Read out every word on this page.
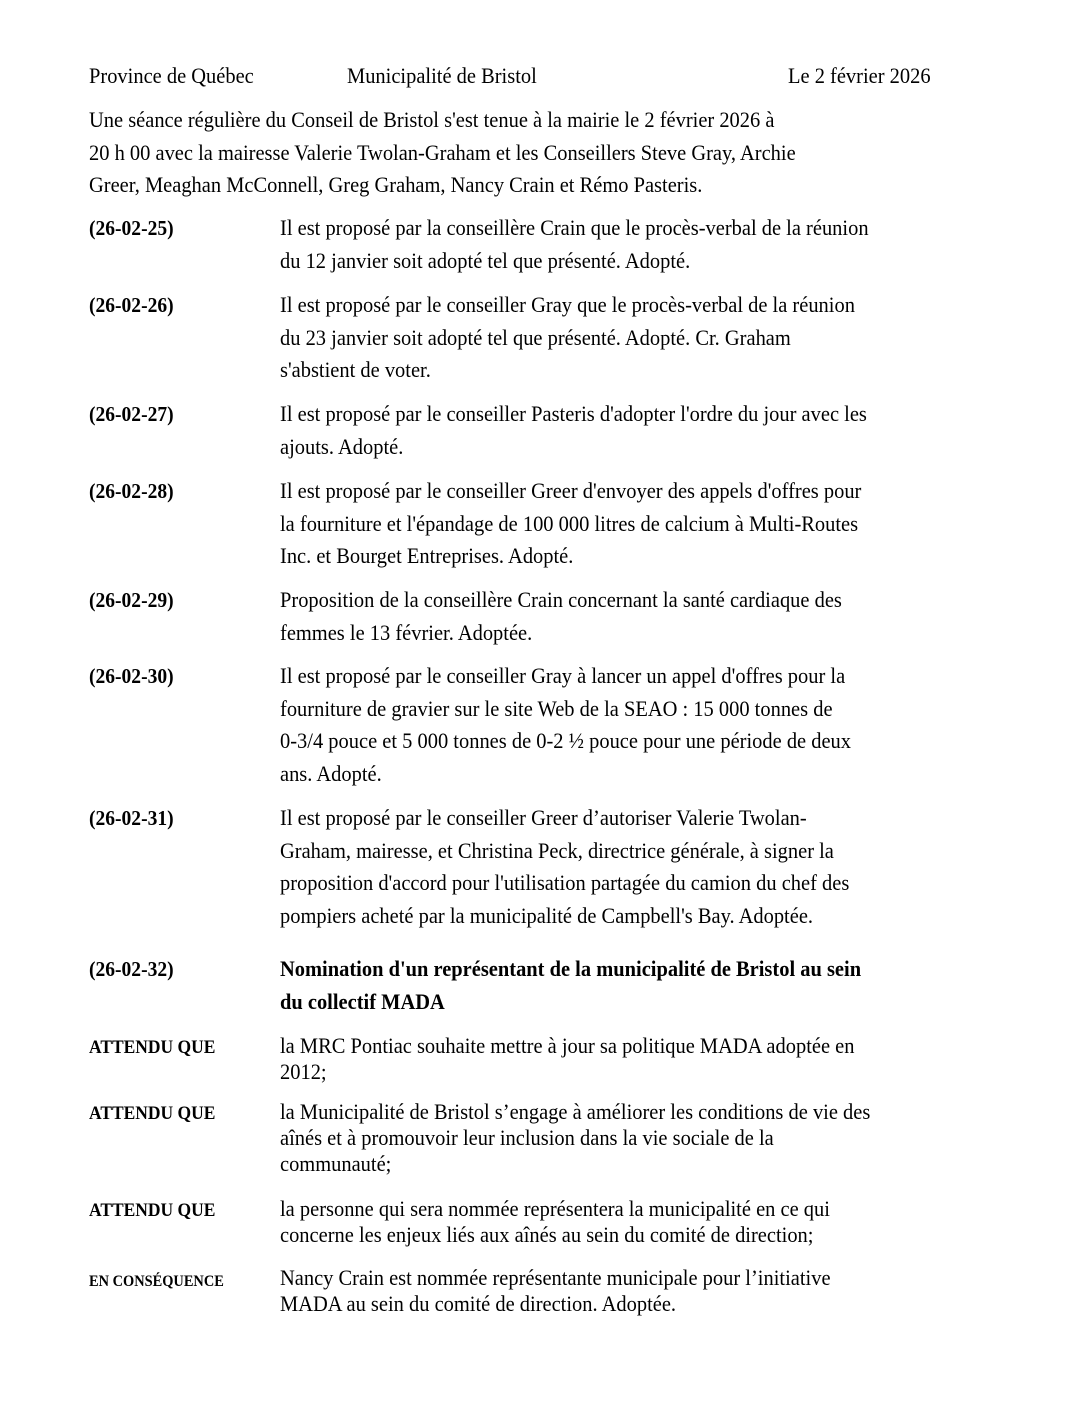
Province de Québec	Municipalité de Bristol	Le 2 février 2026
Une séance régulière du Conseil de Bristol s'est tenue à la mairie le 2 février 2026 à
20 h 00 avec la mairesse Valerie Twolan-Graham et les Conseillers Steve Gray, Archie
Greer, Meaghan McConnell, Greg Graham, Nancy Crain et Rémo Pasteris.
(26-02-25)	Il est proposé par la conseillère Crain que le procès-verbal de la réunion
du 12 janvier soit adopté tel que présenté. Adopté.
(26-02-26)	Il est proposé par le conseiller Gray que le procès-verbal de la réunion
du 23 janvier soit adopté tel que présenté. Adopté. Cr. Graham
s'abstient de voter.
(26-02-27)	Il est proposé par le conseiller Pasteris d'adopter l'ordre du jour avec les
ajouts. Adopté.
(26-02-28)	Il est proposé par le conseiller Greer d'envoyer des appels d'offres pour
la fourniture et l'épandage de 100 000 litres de calcium à Multi-Routes
Inc. et Bourget Entreprises. Adopté.
(26-02-29)	Proposition de la conseillère Crain concernant la santé cardiaque des
femmes le 13 février. Adoptée.
(26-02-30)	Il est proposé par le conseiller Gray à lancer un appel d'offres pour la
fourniture de gravier sur le site Web de la SEAO : 15 000 tonnes de
0-3/4 pouce et 5 000 tonnes de 0-2 ½ pouce pour une période de deux
ans. Adopté.
(26-02-31)	Il est proposé par le conseiller Greer d’autoriser Valerie Twolan-
Graham, mairesse, et Christina Peck, directrice générale, à signer la
proposition d'accord pour l'utilisation partagée du camion du chef des
pompiers acheté par la municipalité de Campbell's Bay. Adoptée.
(26-02-32)	Nomination d'un représentant de la municipalité de Bristol au sein
du collectif MADA
ATTENDU QUE	la MRC Pontiac souhaite mettre à jour sa politique MADA adoptée en
2012;
ATTENDU QUE	la Municipalité de Bristol s’engage à améliorer les conditions de vie des
aînés et à promouvoir leur inclusion dans la vie sociale de la
communauté;
ATTENDU QUE	la personne qui sera nommée représentera la municipalité en ce qui
concerne les enjeux liés aux aînés au sein du comité de direction;
EN CONSÉQUENCE	Nancy Crain est nommée représentante municipale pour l’initiative
MADA au sein du comité de direction. Adoptée.
